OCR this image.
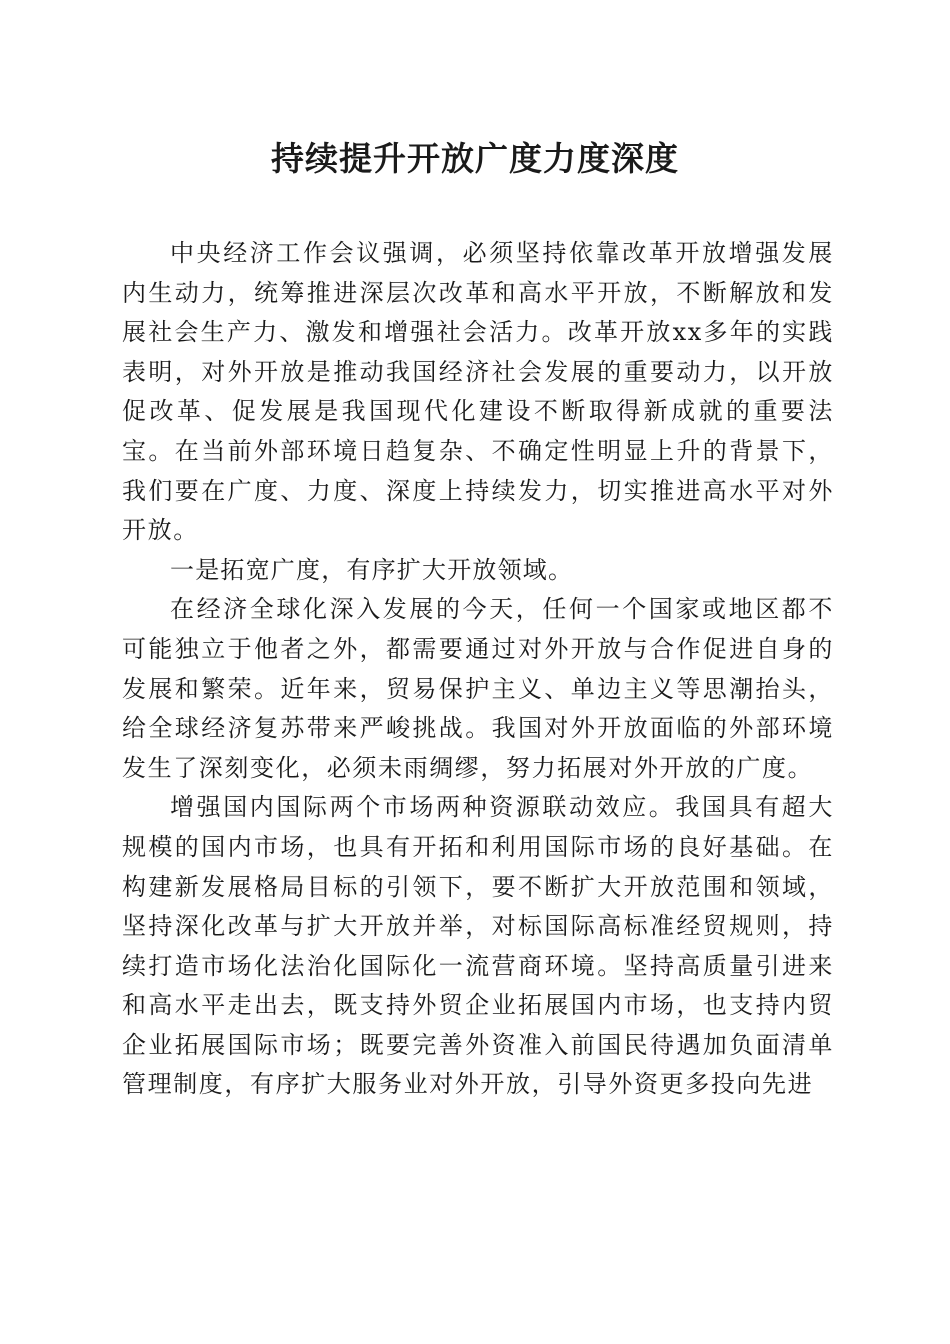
持续提升开放广度力度深度

中央经济工作会议强调，必须坚持依靠改革开放增强发展内生动力，统筹推进深层次改革和高水平开放，不断解放和发展社会生产力、激发和增强社会活力。改革开放xx多年的实践表明，对外开放是推动我国经济社会发展的重要动力，以开放促改革、促发展是我国现代化建设不断取得新成就的重要法宝。在当前外部环境日趋复杂、不确定性明显上升的背景下，我们要在广度、力度、深度上持续发力，切实推进高水平对外开放。

一是拓宽广度，有序扩大开放领域。

在经济全球化深入发展的今天，任何一个国家或地区都不可能独立于他者之外，都需要通过对外开放与合作促进自身的发展和繁荣。近年来，贸易保护主义、单边主义等思潮抬头，给全球经济复苏带来严峻挑战。我国对外开放面临的外部环境发生了深刻变化，必须未雨绸缪，努力拓展对外开放的广度。

增强国内国际两个市场两种资源联动效应。我国具有超大规模的国内市场，也具有开拓和利用国际市场的良好基础。在构建新发展格局目标的引领下，要不断扩大开放范围和领域，坚持深化改革与扩大开放并举，对标国际高标准经贸规则，持续打造市场化法治化国际化一流营商环境。坚持高质量引进来和高水平走出去，既支持外贸企业拓展国内市场，也支持内贸企业拓展国际市场；既要完善外资准入前国民待遇加负面清单管理制度，有序扩大服务业对外开放，引导外资更多投向先进
